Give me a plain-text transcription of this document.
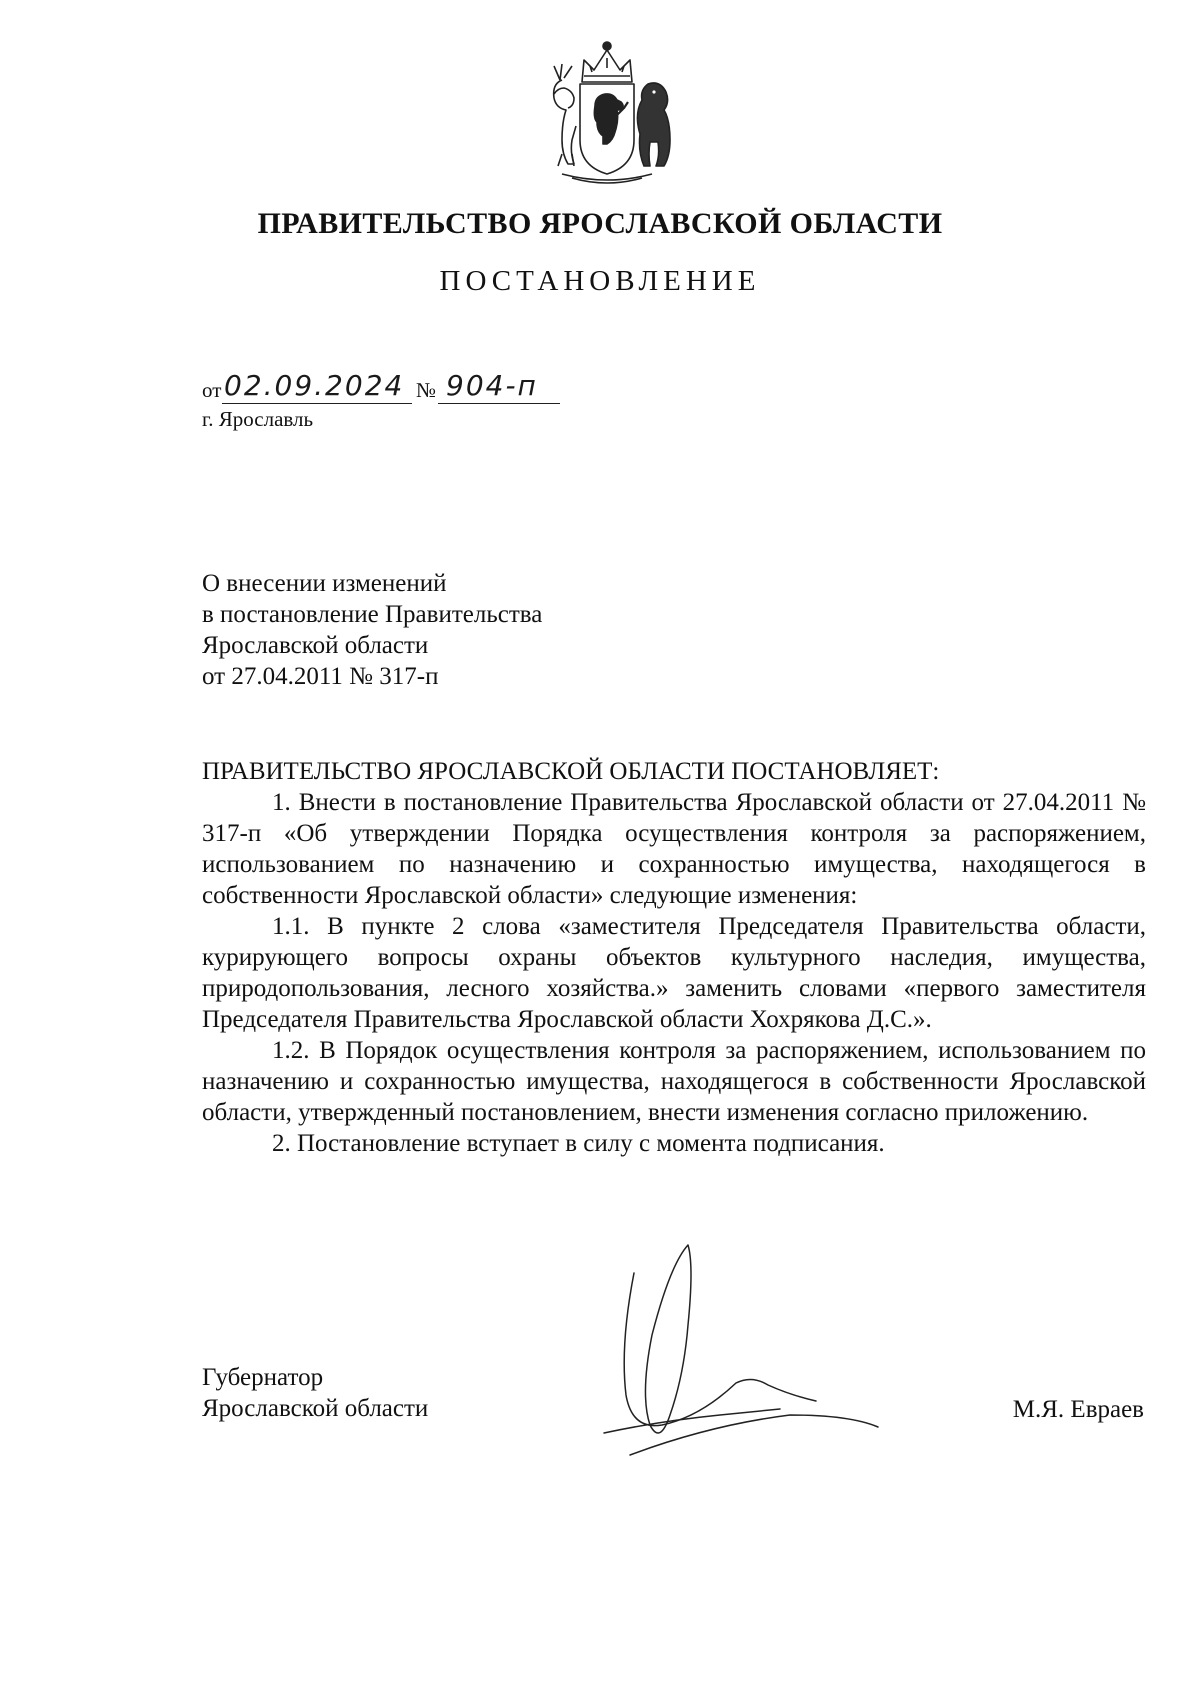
ПРАВИТЕЛЬСТВО ЯРОСЛАВСКОЙ ОБЛАСТИ
ПОСТАНОВЛЕНИЕ
от 02.09.2024 № 904-п
г. Ярославль
О внесении изменений
в постановление Правительства
Ярославской области
от 27.04.2011 № 317-п

ПРАВИТЕЛЬСТВО ЯРОСЛАВСКОЙ ОБЛАСТИ ПОСТАНОВЛЯЕТ:

1. Внести в постановление Правительства Ярославской области от 27.04.2011 № 317-п «Об утверждении Порядка осуществления контроля за распоряжением, использованием по назначению и сохранностью имущества, находящегося в собственности Ярославской области» следующие изменения:

1.1. В пункте 2 слова «заместителя Председателя Правительства области, курирующего вопросы охраны объектов культурного наследия, имущества, природопользования, лесного хозяйства.» заменить словами «первого заместителя Председателя Правительства Ярославской области Хохрякова Д.С.».

1.2. В Порядок осуществления контроля за распоряжением, использованием по назначению и сохранностью имущества, находящегося в собственности Ярославской области, утвержденный постановлением, внести изменения согласно приложению.

2. Постановление вступает в силу с момента подписания.

Губернатор
Ярославской области	М.Я. Евраев
